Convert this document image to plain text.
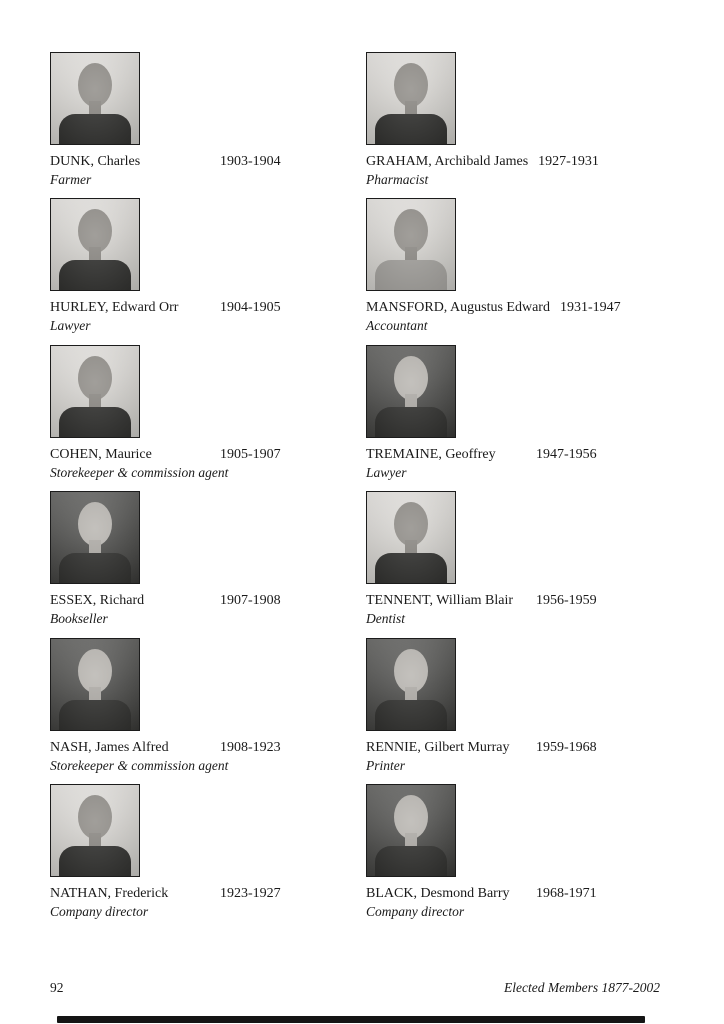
DUNK, Charles	1903-1904
Farmer
HURLEY, Edward Orr	1904-1905
Lawyer
COHEN, Maurice	1905-1907
Storekeeper & commission agent
ESSEX, Richard	1907-1908
Bookseller
NASH, James Alfred	1908-1923
Storekeeper & commission agent
NATHAN, Frederick	1923-1927
Company director
GRAHAM, Archibald James 1927-1931
Pharmacist
MANSFORD, Augustus Edward 1931-1947
Accountant
TREMAINE, Geoffrey	1947-1956
Lawyer
TENNENT, William Blair	1956-1959
Dentist
RENNIE, Gilbert Murray	1959-1968
Printer
BLACK, Desmond Barry	1968-1971
Company director
92	Elected Members 1877-2002
